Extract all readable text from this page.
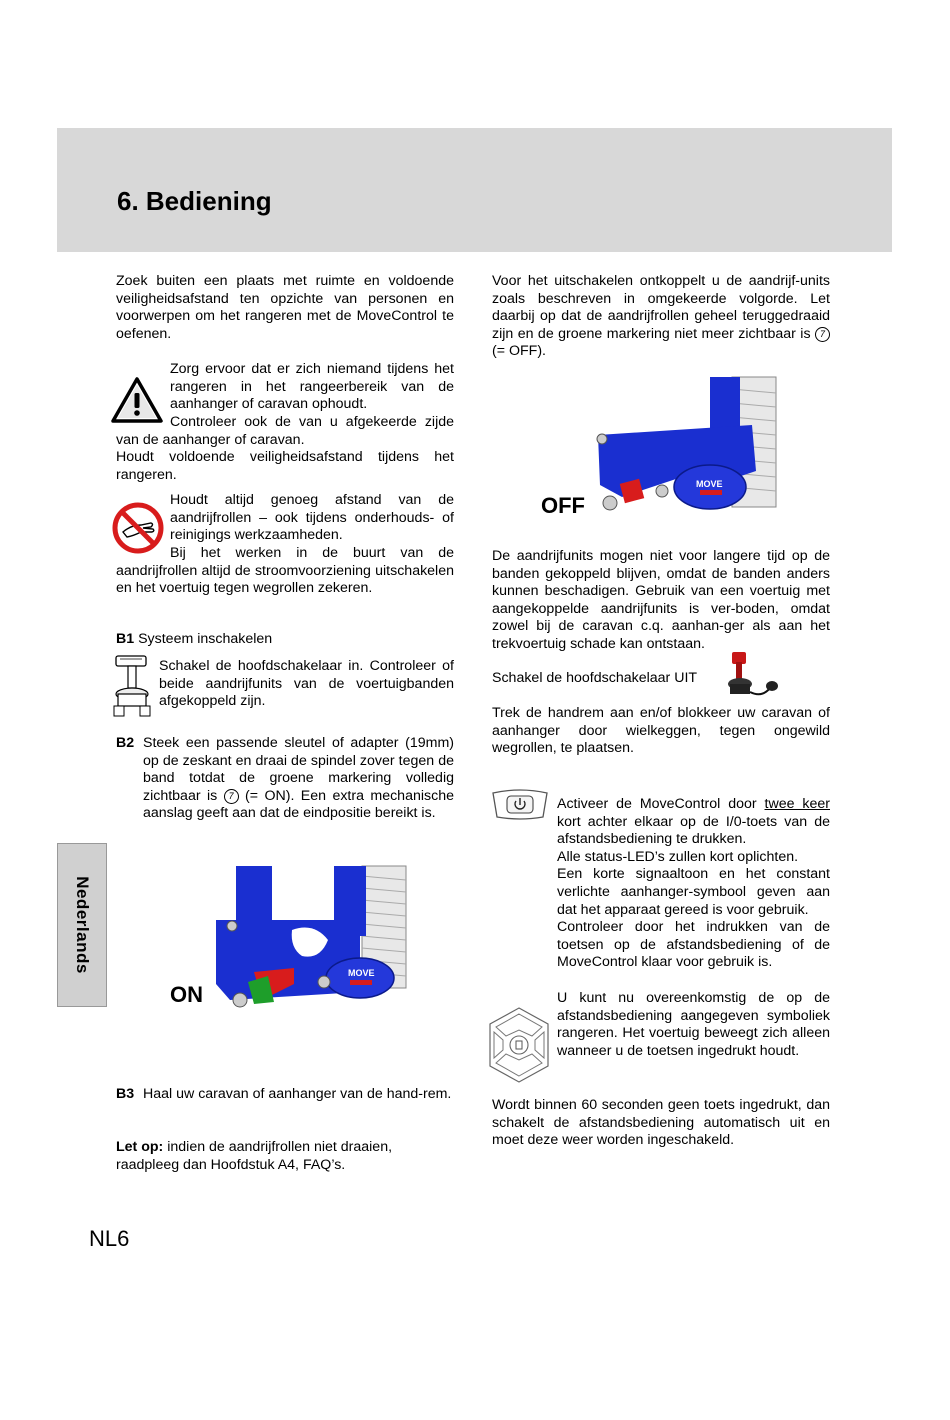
6. Bediening

Zoek buiten een plaats met ruimte en voldoende veiligheidsafstand ten opzichte van personen en voorwerpen om het rangeren met de MoveControl te oefenen.

Zorg ervoor dat er zich niemand tijdens het rangeren in het rangeerbereik van de aanhanger of caravan ophoudt.

Controleer ook de van u afgekeerde zijde van de aanhanger of caravan.

Houdt voldoende veiligheidsafstand tijdens het rangeren.

Houdt altijd genoeg afstand van de aandrijfrollen – ook tijdens onderhouds- of reinigings werkzaamheden.

Bij het werken in de buurt van de aandrijfrollen altijd de stroomvoorziening uitschakelen en het voertuig tegen wegrollen zekeren.

B1 Systeem inschakelen

Schakel de hoofdschakelaar in. Controleer of beide aandrijfunits van de voertuigbanden afgekoppeld zijn.

B2 Steek een passende sleutel of adapter (19mm) op de zeskant en draai de spindel zover tegen de band totdat de groene markering volledig zichtbaar is 7 (= ON). Een extra mechanische aanslag geeft aan dat de eindpositie bereikt is.

MOVE
ON
B3 Haal uw caravan of aanhanger van de hand-rem.

Let op: indien de aandrijfrollen niet draaien, raadpleeg dan Hoofdstuk A4, FAQ’s.

Voor het uitschakelen ontkoppelt u de aandrijf-units zoals beschreven in omgekeerde volgorde. Let daarbij op dat de aandrijfrollen geheel teruggedraaid zijn en de groene markering niet meer zichtbaar is 7 (= OFF).

MOVE
OFF

De aandrijfunits mogen niet voor langere tijd op de banden gekoppeld blijven, omdat de banden anders kunnen beschadigen. Gebruik van een voertuig met aangekoppelde aandrijfunits is ver-boden, omdat zowel bij de caravan c.q. aanhan-ger als aan het trekvoertuig schade kan ontstaan.

Schakel de hoofdschakelaar UIT

Trek de handrem aan en/of blokkeer uw caravan of aanhanger door wielkeggen, tegen ongewild wegrollen, te plaatsen.

Activeer de MoveControl door twee keer kort achter elkaar op de I/0-toets van de afstandsbediening te drukken.

Alle status-LED’s zullen kort oplichten.

Een korte signaaltoon en het constant verlichte aanhanger-symbool geven aan dat het apparaat gereed is voor gebruik.

Controleer door het indrukken van de toetsen op de afstandsbediening of de MoveControl klaar voor gebruik is.

U kunt nu overeenkomstig de op de afstandsbediening aangegeven symboliek rangeren. Het voertuig beweegt zich alleen wanneer u de toetsen ingedrukt houdt.

Wordt binnen 60 seconden geen toets ingedrukt, dan schakelt de afstandsbediening automatisch uit en moet deze weer worden ingeschakeld.

Nederlands
NL6
